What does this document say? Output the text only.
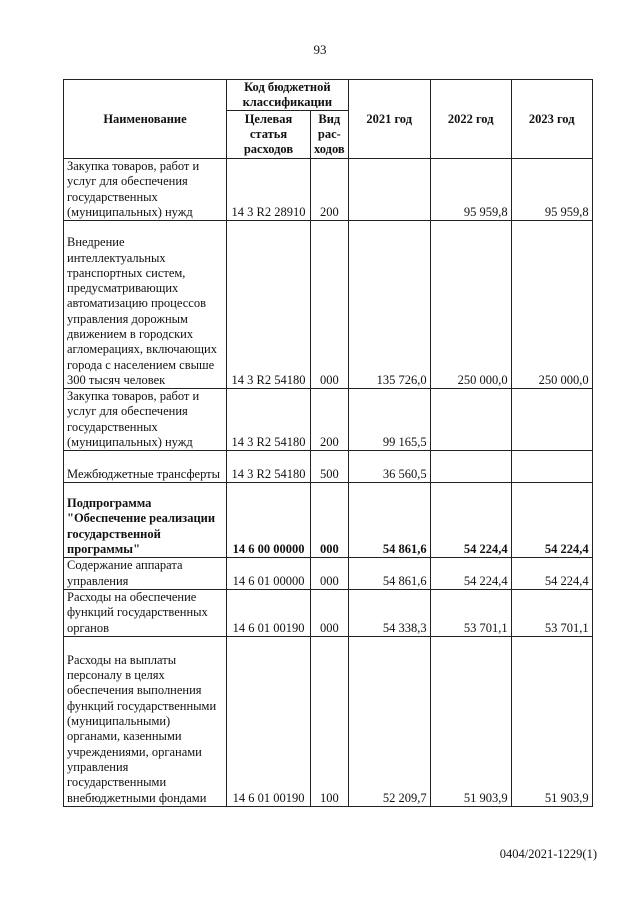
93
Наименование	Код бюджетной классификации		2021 год	2022 год	2023 год
	Целевая статья расходов	Вид рас-ходов			
Закупка товаров, работ и услуг для обеспечения государственных (муниципальных) нужд	14 3 R2 28910	200		95 959,8	95 959,8
Внедрение интеллектуальных транспортных систем, предусматривающих автоматизацию процессов управления дорожным движением в городских агломерациях, включающих города с населением свыше 300 тысяч человек	14 3 R2 54180	000	135 726,0	250 000,0	250 000,0
Закупка товаров, работ и услуг для обеспечения государственных (муниципальных) нужд	14 3 R2 54180	200	99 165,5		
Межбюджетные трансферты	14 3 R2 54180	500	36 560,5		
Подпрограмма "Обеспечение реализации государственной программы"	14 6 00 00000	000	54 861,6	54 224,4	54 224,4
Содержание аппарата управления	14 6 01 00000	000	54 861,6	54 224,4	54 224,4
Расходы на обеспечение функций государственных органов	14 6 01 00190	000	54 338,3	53 701,1	53 701,1
Расходы на выплаты персоналу в целях обеспечения выполнения функций государственными (муниципальными) органами, казенными учреждениями, органами управления государственными внебюджетными фондами	14 6 01 00190	100	52 209,7	51 903,9	51 903,9
0404/2021-1229(1)
